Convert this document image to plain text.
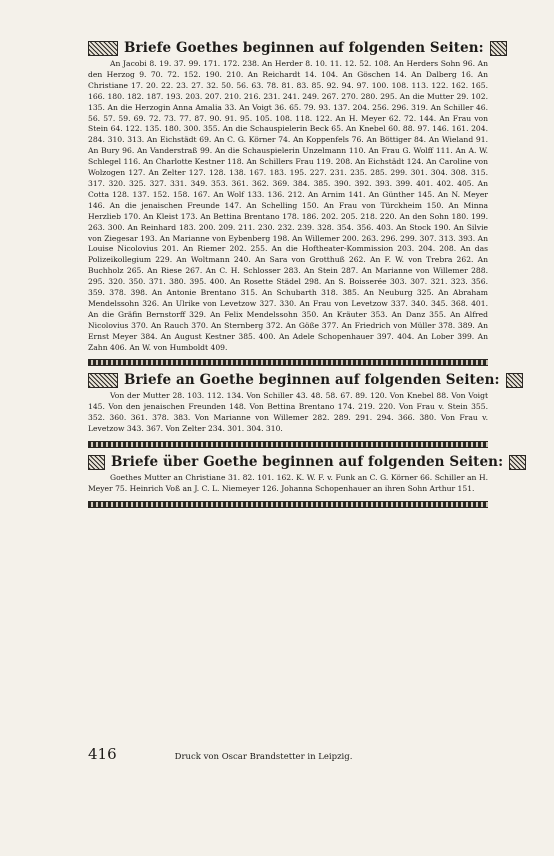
Briefe Goethes beginnen auf folgenden Seiten:

An Jacobi 8. 19. 37. 99. 171. 172. 238. An Herder 8. 10. 11. 12. 52. 108. An Herders Sohn 96. An den Herzog 9. 70. 72. 152. 190. 210. An Reichardt 14. 104. An Göschen 14. An Dalberg 16. An Christiane 17. 20. 22. 23. 27. 32. 50. 56. 63. 78. 81. 83. 85. 92. 94. 97. 100. 108. 113. 122. 162. 165. 166. 180. 182. 187. 193. 203. 207. 210. 216. 231. 241. 249. 267. 270. 280. 295. An die Mutter 29. 102. 135. An die Herzogin Anna Amalia 33. An Voigt 36. 65. 79. 93. 137. 204. 256. 296. 319. An Schiller 46. 56. 57. 59. 69. 72. 73. 77. 87. 90. 91. 95. 105. 108. 118. 122. An H. Meyer 62. 72. 144. An Frau von Stein 64. 122. 135. 180. 300. 355. An die Schauspielerin Beck 65. An Knebel 60. 88. 97. 146. 161. 204. 284. 310. 313. An Eichstädt 69. An C. G. Körner 74. An Koppenfels 76. An Böttiger 84. An Wieland 91. An Bury 96. An Vanderstraß 99. An die Schauspielerin Unzelmann 110. An Frau G. Wolff 111. An A. W. Schlegel 116. An Charlotte Kestner 118. An Schillers Frau 119. 208. An Eichstädt 124. An Caroline von Wolzogen 127. An Zelter 127. 128. 138. 167. 183. 195. 227. 231. 235. 285. 299. 301. 304. 308. 315. 317. 320. 325. 327. 331. 349. 353. 361. 362. 369. 384. 385. 390. 392. 393. 399. 401. 402. 405. An Cotta 128. 137. 152. 158. 167. An Wolf 133. 136. 212. An Arnim 141. An Günther 145. An N. Meyer 146. An die jenaischen Freunde 147. An Schelling 150. An Frau von Türckheim 150. An Minna Herzlieb 170. An Kleist 173. An Bettina Brentano 178. 186. 202. 205. 218. 220. An den Sohn 180. 199. 263. 300. An Reinhard 183. 200. 209. 211. 230. 232. 239. 328. 354. 356. 403. An Stock 190. An Silvie von Ziegesar 193. An Marianne von Eybenberg 198. An Willemer 200. 263. 296. 299. 307. 313. 393. An Louise Nicolovius 201. An Riemer 202. 255. An die Hoftheater-Kommission 203. 204. 208. An das Polizeikollegium 229. An Woltmann 240. An Sara von Grotthuß 262. An F. W. von Trebra 262. An Buchholz 265. An Riese 267. An C. H. Schlosser 283. An Stein 287. An Marianne von Willemer 288. 295. 320. 350. 371. 380. 395. 400. An Rosette Städel 298. An S. Boisserée 303. 307. 321. 323. 356. 359. 378. 398. An Antonie Brentano 315. An Schubarth 318. 385. An Neuburg 325. An Abraham Mendelssohn 326. An Ulrike von Levetzow 327. 330. An Frau von Levetzow 337. 340. 345. 368. 401. An die Gräfin Bernstorff 329. An Felix Mendelssohn 350. An Kräuter 353. An Danz 355. An Alfred Nicolovius 370. An Rauch 370. An Sternberg 372. An Göße 377. An Friedrich von Müller 378. 389. An Ernst Meyer 384. An August Kestner 385. 400. An Adele Schopenhauer 397. 404. An Lober 399. An Zahn 406. An W. von Humboldt 409.

Briefe an Goethe beginnen auf folgenden Seiten:

Von der Mutter 28. 103. 112. 134. Von Schiller 43. 48. 58. 67. 89. 120. Von Knebel 88. Von Voigt 145. Von den jenaischen Freunden 148. Von Bettina Brentano 174. 219. 220. Von Frau v. Stein 355. 352. 360. 361. 378. 383. Von Marianne von Willemer 282. 289. 291. 294. 366. 380. Von Frau v. Levetzow 343. 367. Von Zelter 234. 301. 304. 310.

Briefe über Goethe beginnen auf folgenden Seiten:

Goethes Mutter an Christiane 31. 82. 101. 162. K. W. F. v. Funk an C. G. Körner 66. Schiller an H. Meyer 75. Heinrich Voß an J. C. L. Niemeyer 126. Johanna Schopenhauer an ihren Sohn Arthur 151.

416	Druck von Oscar Brandstetter in Leipzig.
